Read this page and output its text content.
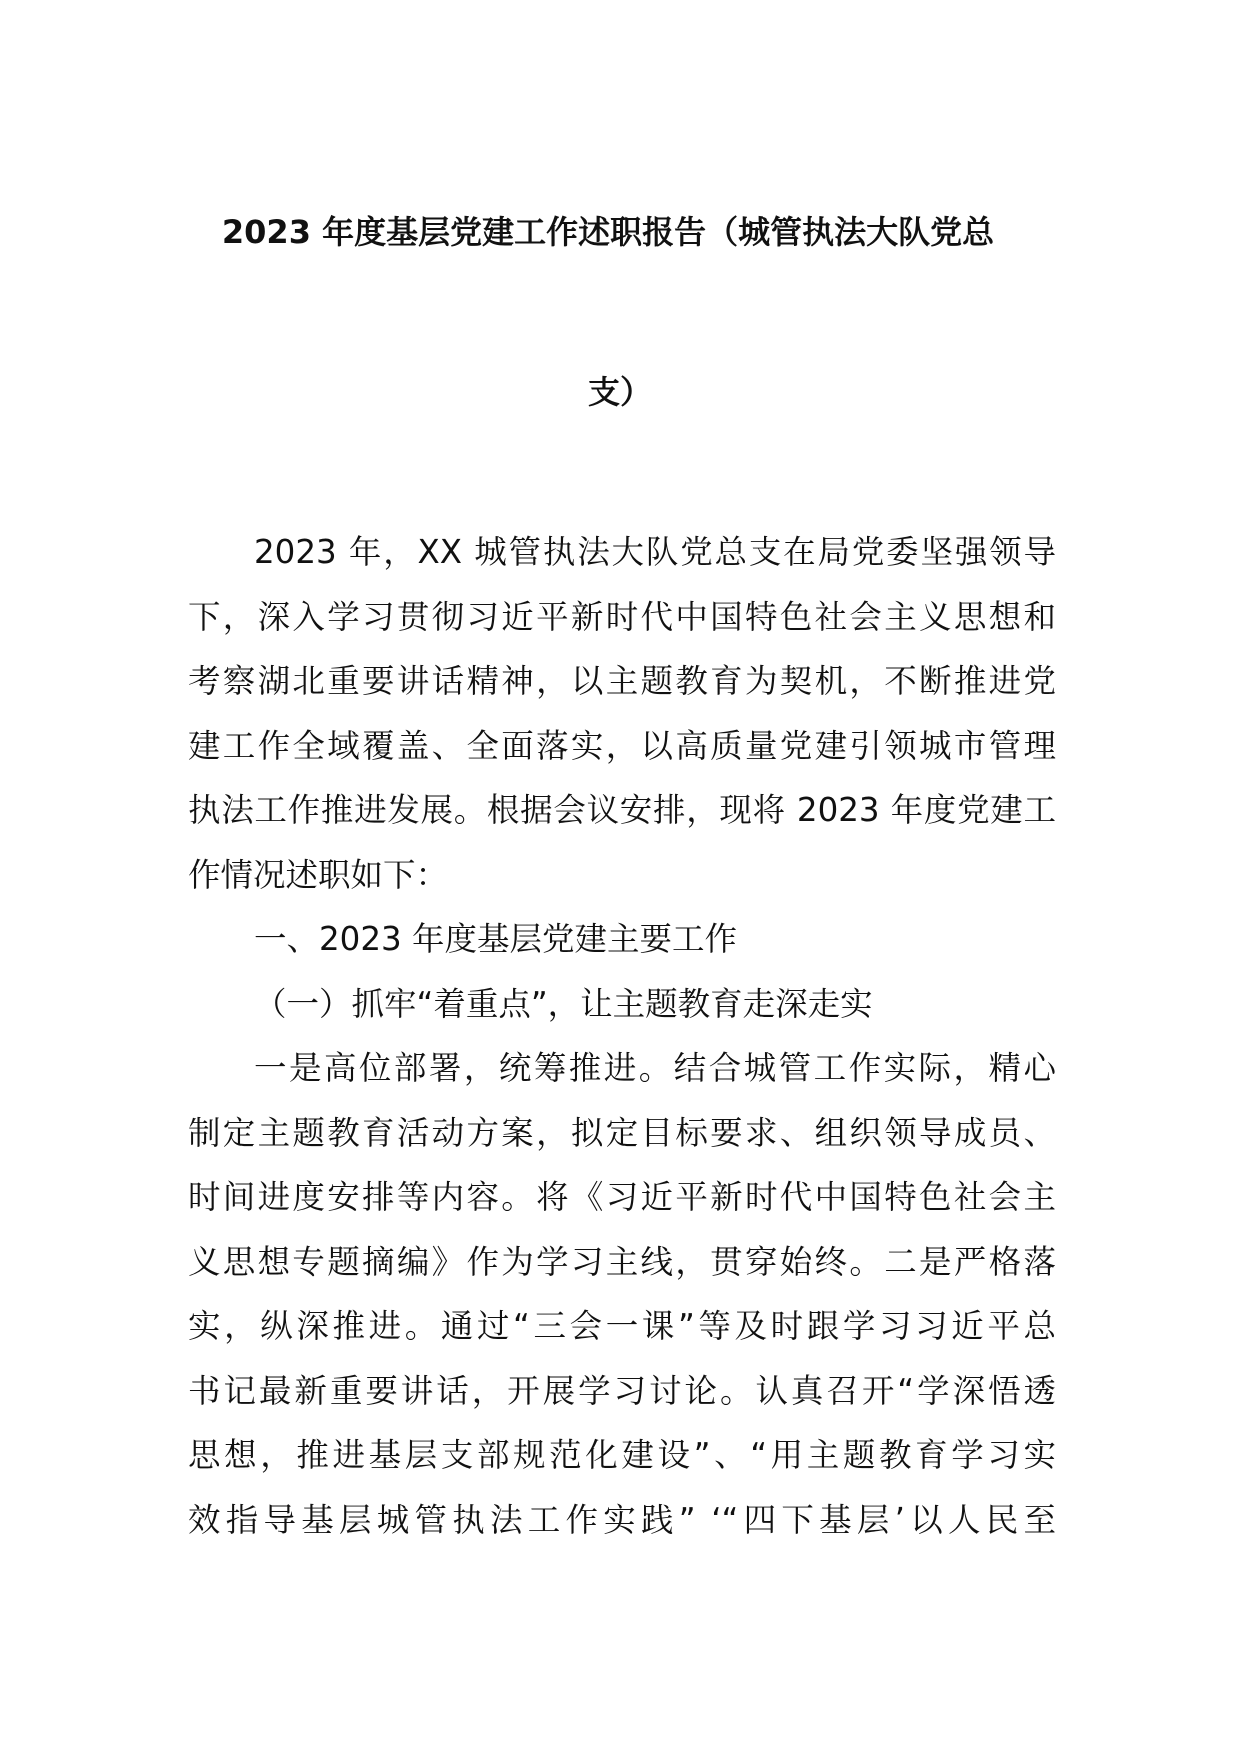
2023 年度基层党建工作述职报告（城管执法大队党总
支）
2023 年，XX 城管执法大队党总支在局党委坚强领导
下，深入学习贯彻习近平新时代中国特色社会主义思想和
考察湖北重要讲话精神，以主题教育为契机，不断推进党
建工作全域覆盖、全面落实，以高质量党建引领城市管理
执法工作推进发展。根据会议安排，现将 2023 年度党建工
作情况述职如下：
一、2023 年度基层党建主要工作
（一）抓牢“着重点”，让主题教育走深走实
一是高位部署，统筹推进。结合城管工作实际，精心
制定主题教育活动方案，拟定目标要求、组织领导成员、
时间进度安排等内容。将《习近平新时代中国特色社会主
义思想专题摘编》作为学习主线，贯穿始终。二是严格落
实，纵深推进。通过“三会一课”等及时跟学习习近平总
书记最新重要讲话，开展学习讨论。认真召开“学深悟透
思想，推进基层支部规范化建设”、“用主题教育学习实
效指导基层城管执法工作实践” ‘“四下基层’以人民至
